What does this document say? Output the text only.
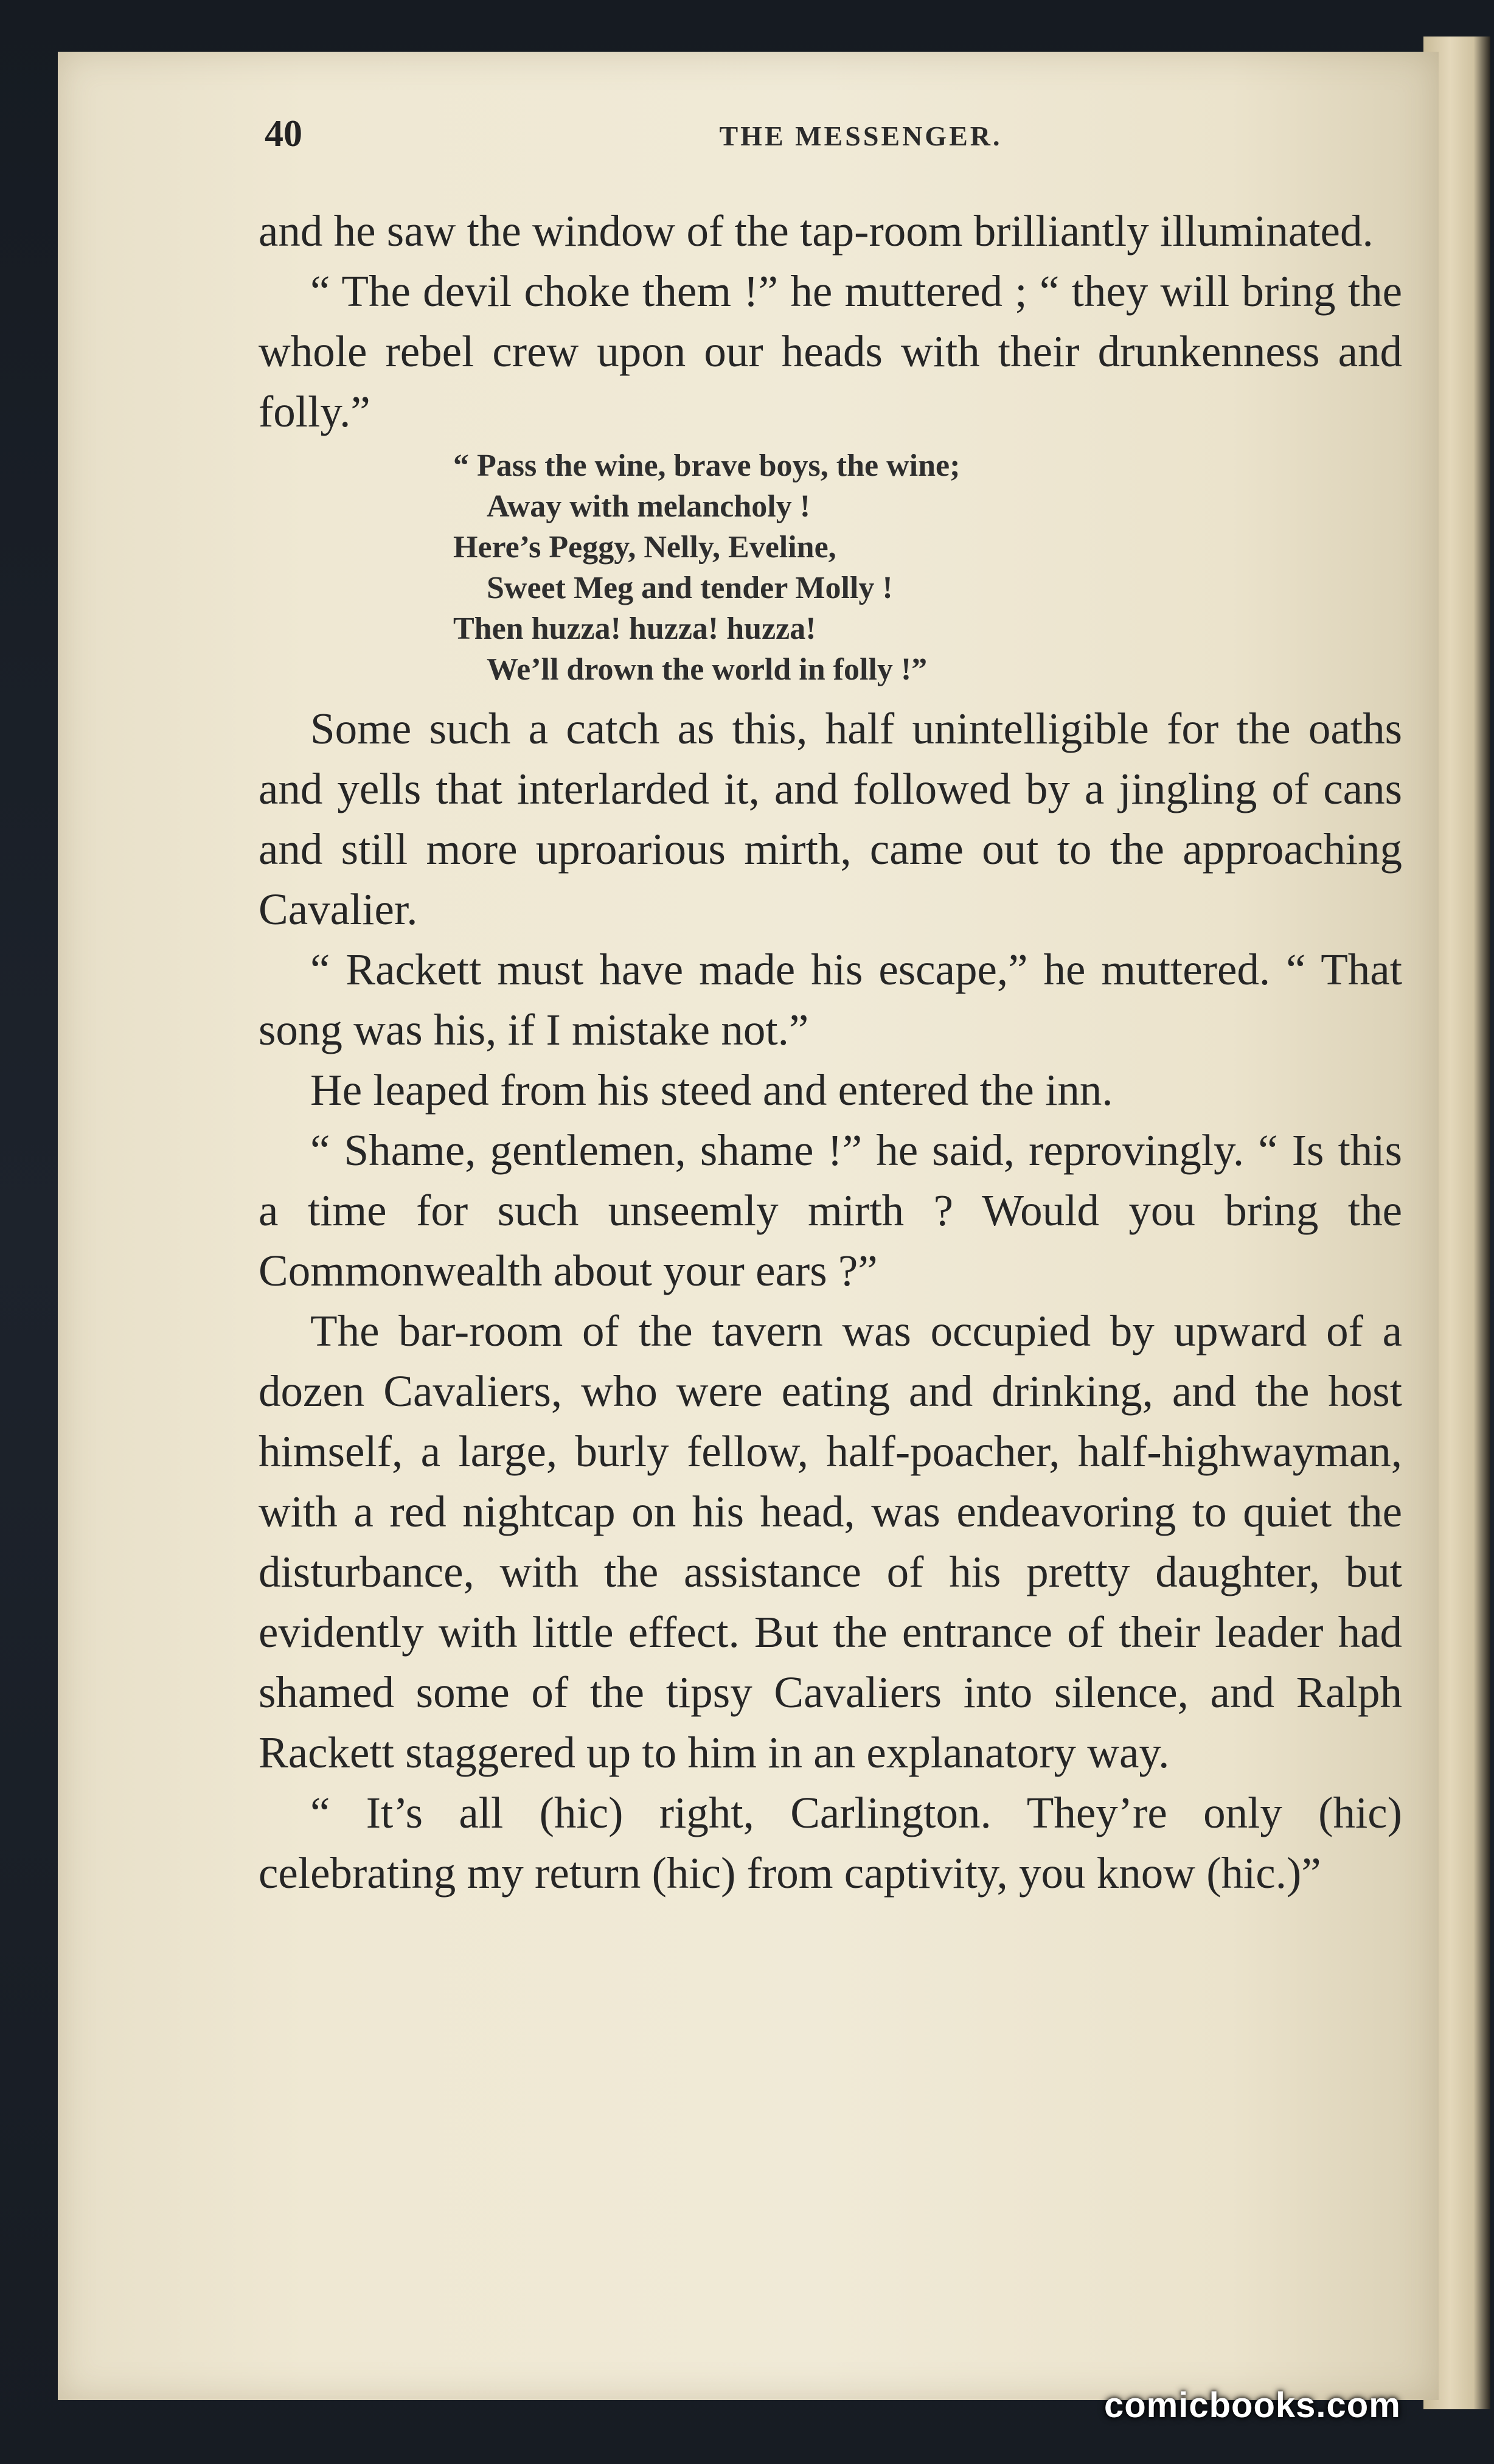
40	THE MESSENGER.

and he saw the window of the tap-room brilliantly illuminated.

“ The devil choke them !” he muttered ; “ they will bring the whole rebel crew upon our heads with their drunkenness and folly.”

“ Pass the wine, brave boys, the wine;
Away with melancholy !
Here’s Peggy, Nelly, Eveline,
Sweet Meg and tender Molly !
Then huzza! huzza! huzza!
We’ll drown the world in folly !”

Some such a catch as this, half unintelligible for the oaths and yells that interlarded it, and followed by a jingling of cans and still more uproarious mirth, came out to the approaching Cavalier.

“ Rackett must have made his escape,” he muttered. “ That song was his, if I mistake not.”

He leaped from his steed and entered the inn.

“ Shame, gentlemen, shame !” he said, reprovingly. “ Is this a time for such unseemly mirth ? Would you bring the Commonwealth about your ears ?”

The bar-room of the tavern was occupied by upward of a dozen Cavaliers, who were eating and drinking, and the host himself, a large, burly fellow, half-poacher, half-highwayman, with a red nightcap on his head, was endeavoring to quiet the disturbance, with the assistance of his pretty daughter, but evidently with little effect. But the entrance of their leader had shamed some of the tipsy Cavaliers into silence, and Ralph Rackett staggered up to him in an explanatory way.

“ It’s all (hic) right, Carlington. They’re only (hic) celebrating my return (hic) from captivity, you know (hic.)”

comicbooks.com
